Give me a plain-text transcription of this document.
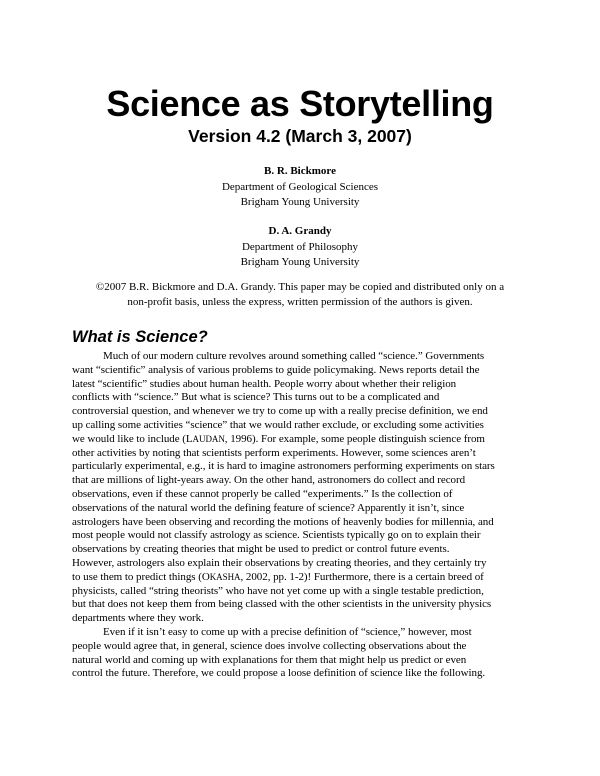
Science as Storytelling
Version 4.2 (March 3, 2007)
B. R. Bickmore
Department of Geological Sciences
Brigham Young University
D. A. Grandy
Department of Philosophy
Brigham Young University
©2007 B.R. Bickmore and D.A. Grandy. This paper may be copied and distributed only on a
non-profit basis, unless the express, written permission of the authors is given.
What is Science?
Much of our modern culture revolves around something called “science.” Governments
want “scientific” analysis of various problems to guide policymaking. News reports detail the
latest “scientific” studies about human health. People worry about whether their religion
conflicts with “science.” But what is science? This turns out to be a complicated and
controversial question, and whenever we try to come up with a really precise definition, we end
up calling some activities “science” that we would rather exclude, or excluding some activities
we would like to include (LAUDAN, 1996). For example, some people distinguish science from
other activities by noting that scientists perform experiments. However, some sciences aren’t
particularly experimental, e.g., it is hard to imagine astronomers performing experiments on stars
that are millions of light-years away. On the other hand, astronomers do collect and record
observations, even if these cannot properly be called “experiments.” Is the collection of
observations of the natural world the defining feature of science? Apparently it isn’t, since
astrologers have been observing and recording the motions of heavenly bodies for millennia, and
most people would not classify astrology as science. Scientists typically go on to explain their
observations by creating theories that might be used to predict or control future events.
However, astrologers also explain their observations by creating theories, and they certainly try
to use them to predict things (OKASHA, 2002, pp. 1-2)! Furthermore, there is a certain breed of
physicists, called “string theorists” who have not yet come up with a single testable prediction,
but that does not keep them from being classed with the other scientists in the university physics
departments where they work.
Even if it isn’t easy to come up with a precise definition of “science,” however, most
people would agree that, in general, science does involve collecting observations about the
natural world and coming up with explanations for them that might help us predict or even
control the future. Therefore, we could propose a loose definition of science like the following.
